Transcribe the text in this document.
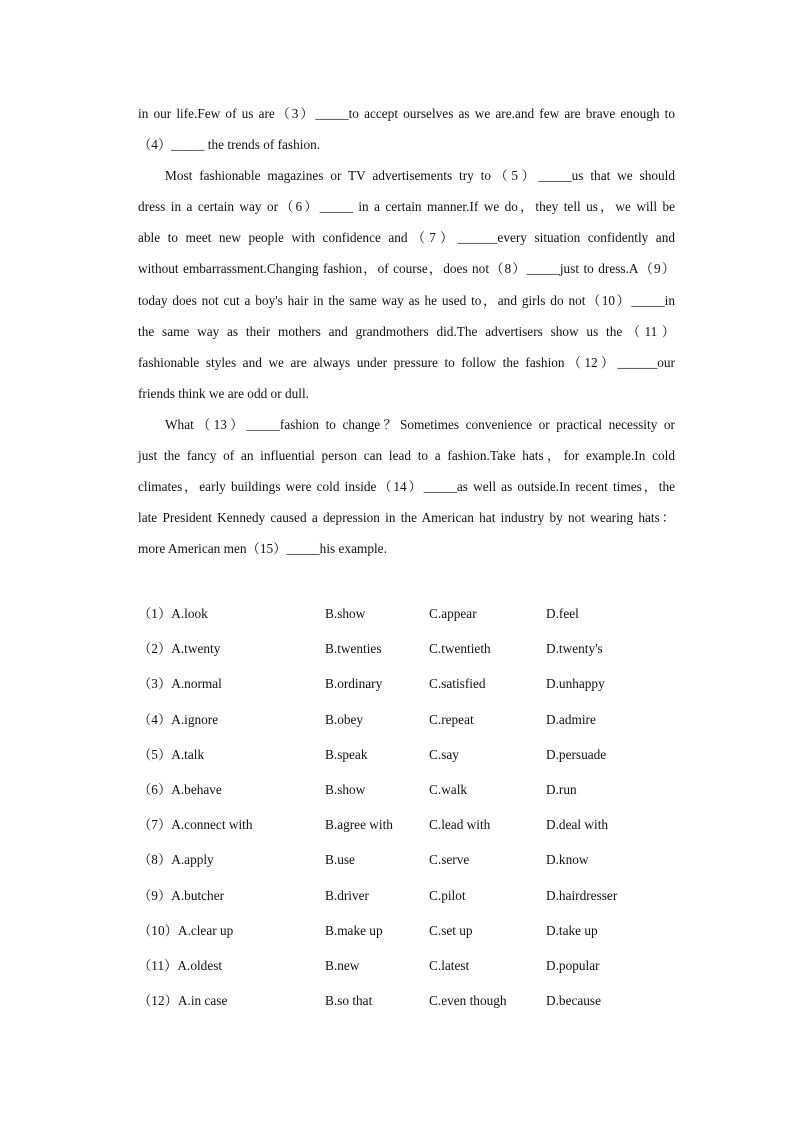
in our life.Few of us are（3）_____to accept ourselves as we are.and few are brave enough to

（4）_____ the trends of fashion.

Most fashionable magazines or TV advertisements try to（5）_____us that we should

dress in a certain way or（6）_____ in a certain manner.If we do，they tell us，we will be

able to meet new people with confidence and（7）______every situation confidently and

without embarrassment.Changing fashion，of course，does not（8）_____just to dress.A（9）

today does not cut a boy's hair in the same way as he used to，and girls do not（10）_____in

the same way as their mothers and grandmothers did.The advertisers show us the（11）

fashionable styles and we are always under pressure to follow the fashion（12）______our

friends think we are odd or dull.

What（13）_____fashion to change？Sometimes convenience or practical necessity or

just the fancy of an influential person can lead to a fashion.Take hats，for example.In cold

climates，early buildings were cold inside（14）_____as well as outside.In recent times，the

late President Kennedy caused a depression in the American hat industry by not wearing hats：

more American men（15）_____his example.

（1）A.look	B.show	C.appear	D.feel
（2）A.twenty	B.twenties	C.twentieth	D.twenty's
（3）A.normal	B.ordinary	C.satisfied	D.unhappy
（4）A.ignore	B.obey	C.repeat	D.admire
（5）A.talk	B.speak	C.say	D.persuade
（6）A.behave	B.show	C.walk	D.run
（7）A.connect with	B.agree with	C.lead with	D.deal with
（8）A.apply	B.use	C.serve	D.know
（9）A.butcher	B.driver	C.pilot	D.hairdresser
（10）A.clear up	B.make up	C.set up	D.take up
（11）A.oldest	B.new	C.latest	D.popular
（12）A.in case	B.so that	C.even though	D.because
